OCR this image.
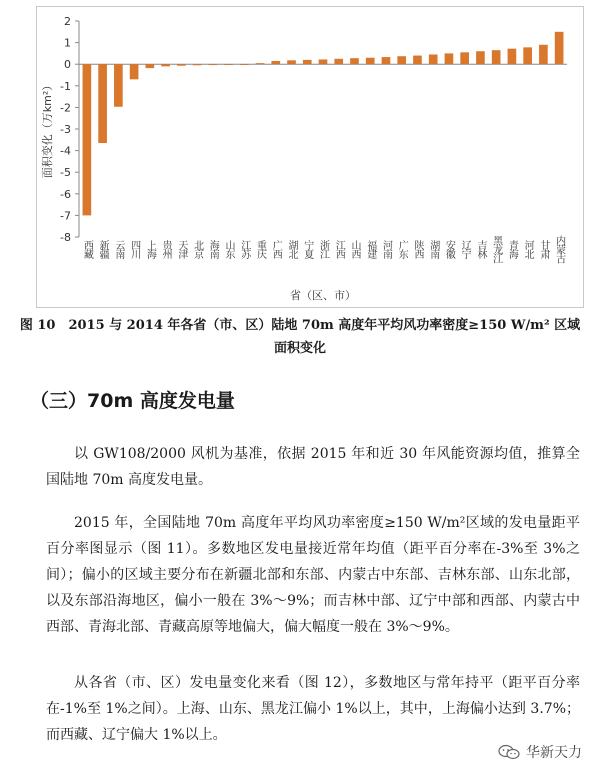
2
1
0
-1
-2
-3
-4
-5
-6
-7
-8
西藏 新疆 云南 四川 上海 贵州 天津 北京 海南 山东 江苏 重庆 广西 湖北 宁夏 浙江 江西 山西 福建 河南 广东 陕西 湖南 安徽 辽宁 吉林 黑龙江 青海 河北 甘肃 内蒙古
面积变化（万km²）
省（区、市）
图 10　2015 与 2014 年各省（市、区）陆地 70m 高度年平均风功率密度≥150 W/m² 区域
面积变化
（三）70m 高度发电量
以 GW108/2000 风机为基准，依据 2015 年和近 30 年风能资源均值，推算全国陆地 70m 高度发电量。
2015 年，全国陆地 70m 高度年平均风功率密度≥150 W/m²区域的发电量距平百分率图显示（图 11）。多数地区发电量接近常年均值（距平百分率在-3%至 3%之间）；偏小的区域主要分布在新疆北部和东部、内蒙古中东部、吉林东部、山东北部，以及东部沿海地区，偏小一般在 3%～9%；而吉林中部、辽宁中部和西部、内蒙古中西部、青海北部、青藏高原等地偏大，偏大幅度一般在 3%～9%。
从各省（市、区）发电量变化来看（图 12），多数地区与常年持平（距平百分率在-1%至 1%之间）。上海、山东、黑龙江偏小 1%以上，其中，上海偏小达到 3.7%；而西藏、辽宁偏大 1%以上。
华新天力
